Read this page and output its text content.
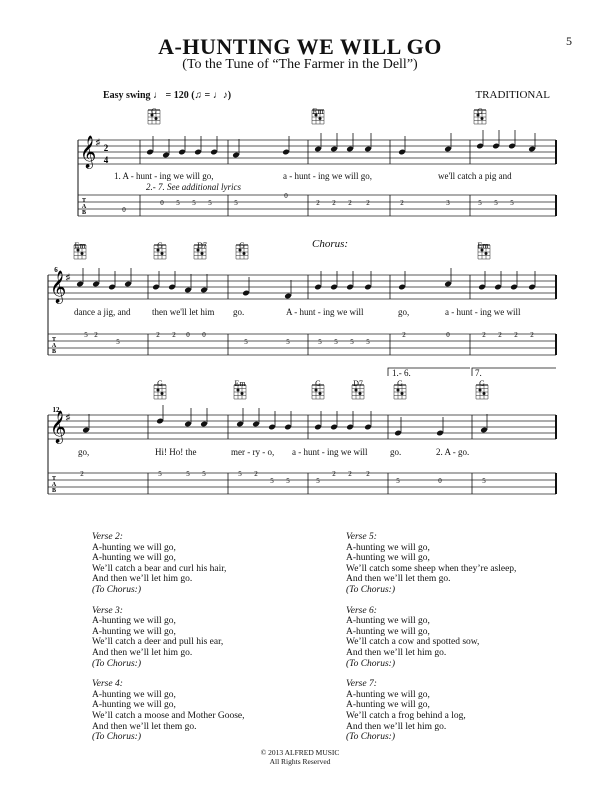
5
A-HUNTING WE WILL GO
(To the Tune of “The Farmer in the Dell”)
Easy swing ♩ = 120 (♫ = ♩♪)	TRADITIONAL
Chorus:
T
A
B
𝄞 ♯
2
4
T
A
B
𝄞 ♯
T
A
B
𝄞 ♯
0
0 5 5 5	5
0
2 2 2 2	2	3	5 5 5
5 2
5
2 2 0 0
5	5	5 5 5 5
2	0	2 2 2 2
2	5	5 5	5 2
5 5	5
2 2 2
5	0	5
6
12
G	Em	G
Em	G	D7	G	Em
G	Em	G	D7	G	G
1.- 6.	7.
1. A - hunt - ing we will go,	a - hunt - ing we will go,	we'll catch a pig and
2.- 7. See additional lyrics
dance a jig, and then we'll let him go.	A - hunt - ing we will	go,	a - hunt - ing we will
go,	Hi! Ho! the	mer - ry - o, a - hunt - ing we will	go.	2. A - go.
Verse 2:
A-hunting we will go,
A-hunting we will go,
We’ll catch a bear and curl his hair,
And then we’ll let him go.
(To Chorus:)
Verse 3:
A-hunting we will go,
A-hunting we will go,
We’ll catch a deer and pull his ear,
And then we’ll let him go.
(To Chorus:)
Verse 4:
A-hunting we will go,
A-hunting we will go,
We’ll catch a moose and Mother Goose,
And then we’ll let them go.
(To Chorus:)
Verse 5:
A-hunting we will go,
A-hunting we will go,
We’ll catch some sheep when they’re asleep,
And then we’ll let them go.
(To Chorus:)
Verse 6:
A-hunting we will go,
A-hunting we will go,
We’ll catch a cow and spotted sow,
And then we’ll let him go.
(To Chorus:)
Verse 7:
A-hunting we will go,
A-hunting we will go,
We’ll catch a frog behind a log,
And then we’ll let him go.
(To Chorus:)
© 2013 ALFRED MUSIC
All Rights Reserved
